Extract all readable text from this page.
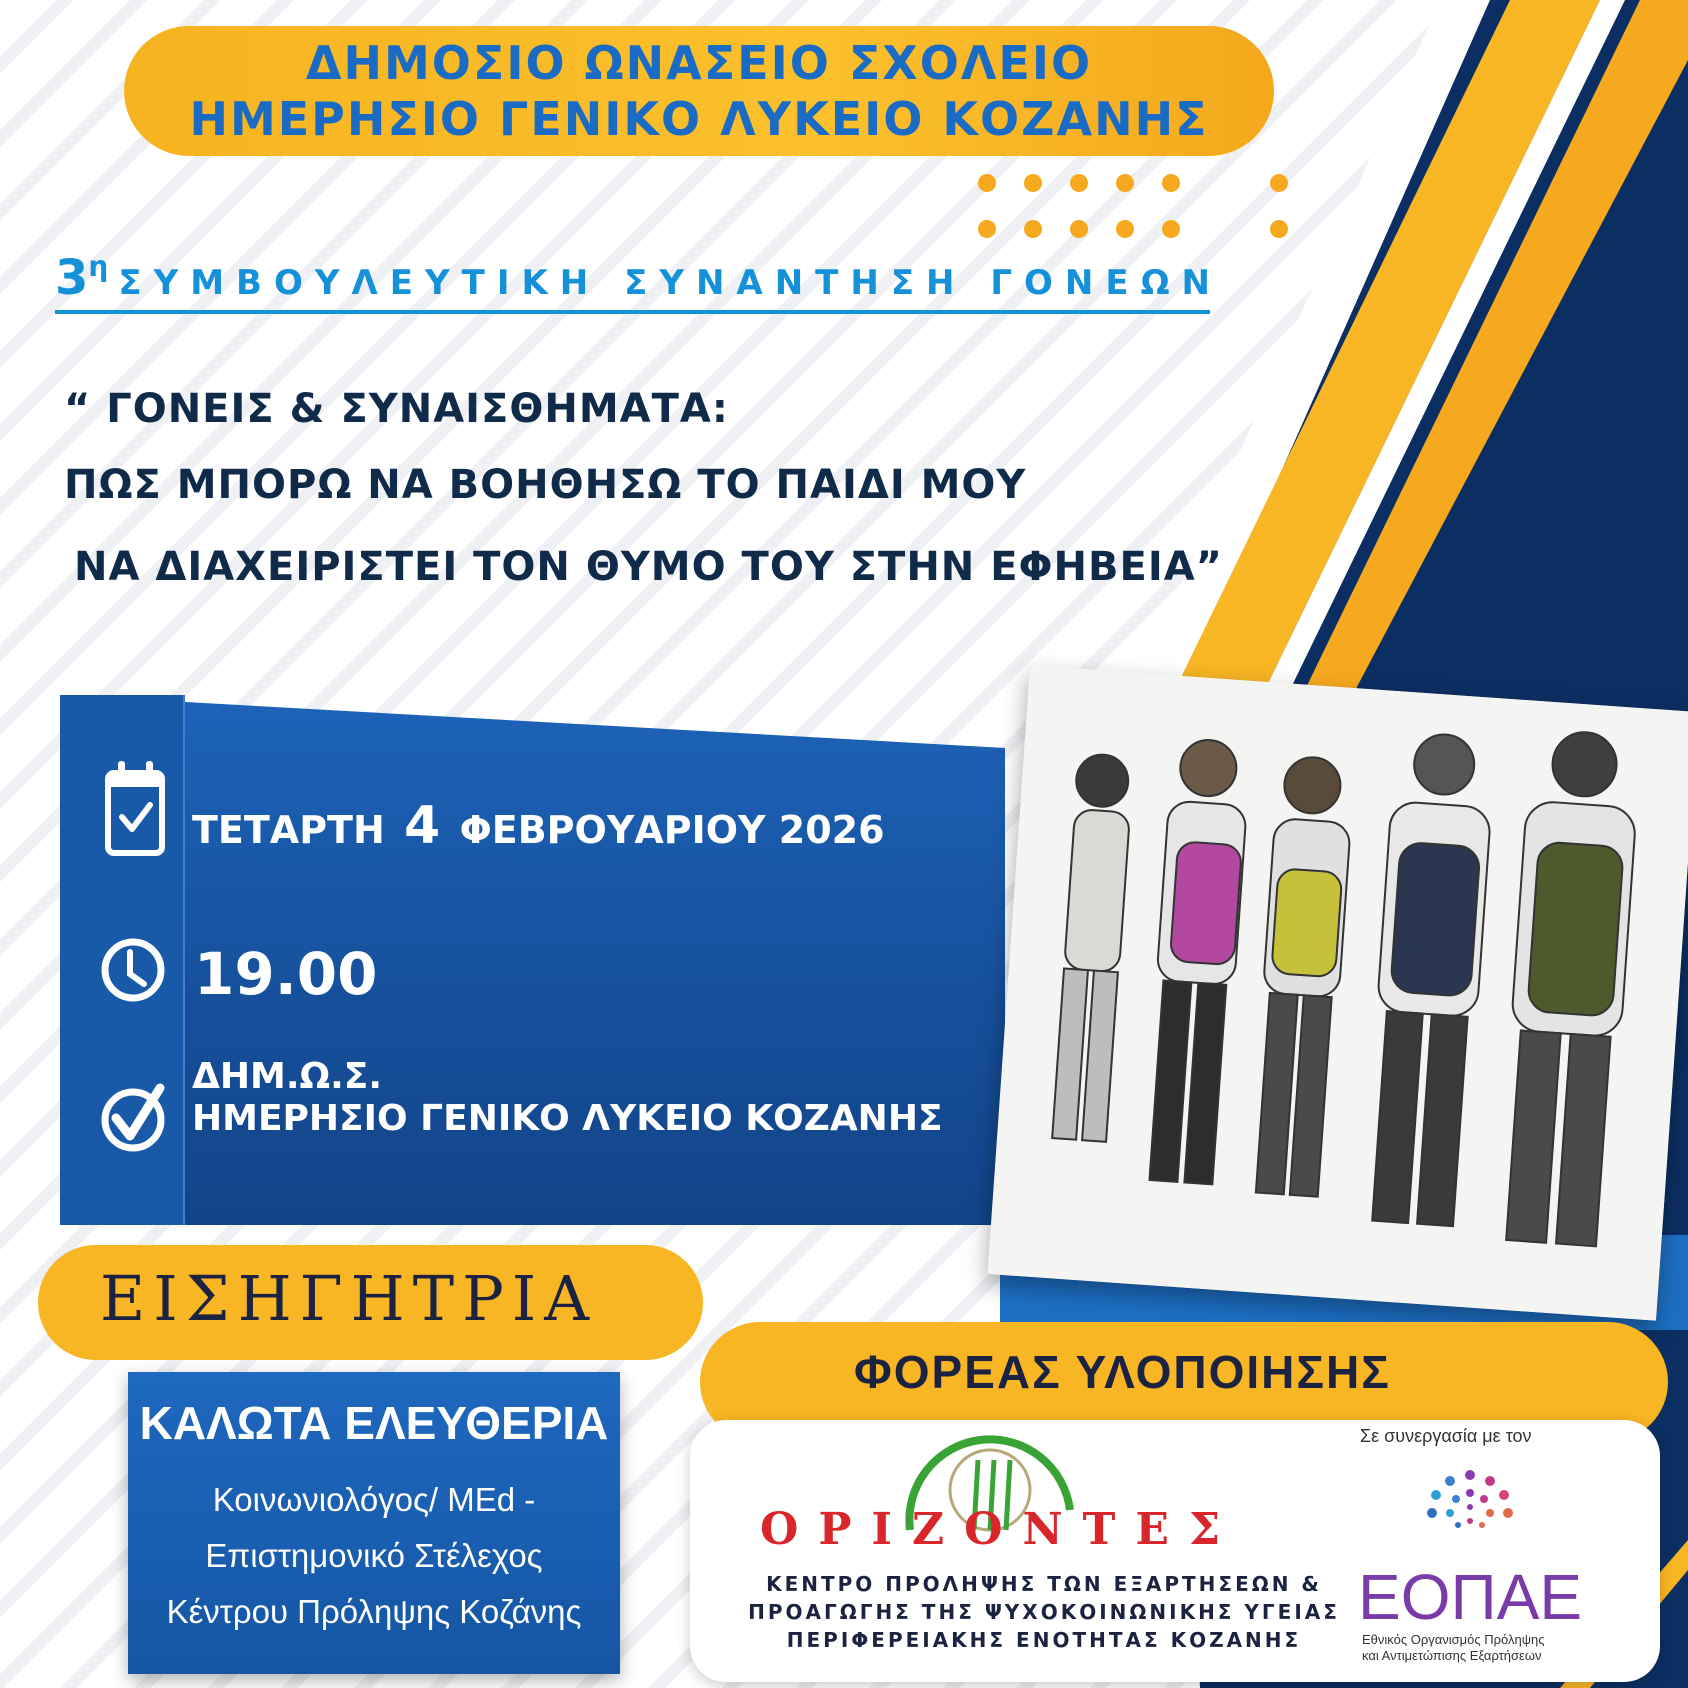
ΔΗΜΟΣΙΟ ΩΝΑΣΕΙΟ ΣΧΟΛΕΙΟ
ΗΜΕΡΗΣΙΟ ΓΕΝΙΚΟ ΛΥΚΕΙΟ ΚΟΖΑΝΗΣ
3η ΣΥΜΒΟΥΛΕΥΤΙΚΗ ΣΥΝΑΝΤΗΣΗ ΓΟΝΕΩΝ
“ ΓΟΝΕΙΣ & ΣΥΝΑΙΣΘΗΜΑΤΑ:
ΠΩΣ ΜΠΟΡΩ ΝΑ ΒΟΗΘΗΣΩ ΤΟ ΠΑΙΔΙ ΜΟΥ
ΝΑ ΔΙΑΧΕΙΡΙΣΤΕΙ ΤΟΝ ΘΥΜΟ ΤΟΥ ΣΤΗΝ ΕΦΗΒΕΙΑ”
ΤΕΤΑΡΤΗ 4 ΦΕΒΡΟΥΑΡΙΟΥ 2026
19.00
ΔΗΜ.Ω.Σ.
ΗΜΕΡΗΣΙΟ ΓΕΝΙΚΟ ΛΥΚΕΙΟ ΚΟΖΑΝΗΣ
ΕΙΣΗΓΗΤΡΙΑ
ΚΑΛΩΤΑ ΕΛΕΥΘΕΡΙΑ
Κοινωνιολόγος/ MEd -
Επιστημονικό Στέλεχος
Κέντρου Πρόληψης Κοζάνης
ΦΟΡΕΑΣ ΥΛΟΠΟΙΗΣΗΣ
ΟΡΙΖΟΝΤΕΣ
ΚΕΝΤΡΟ ΠΡΟΛΗΨΗΣ ΤΩΝ ΕΞΑΡΤΗΣΕΩΝ &
ΠΡΟΑΓΩΓΗΣ ΤΗΣ ΨΥΧΟΚΟΙΝΩΝΙΚΗΣ ΥΓΕΙΑΣ
ΠΕΡΙΦΕΡΕΙΑΚΗΣ ΕΝΟΤΗΤΑΣ ΚΟΖΑΝΗΣ
Σε συνεργασία με τον
ΕΟΠΑΕ
Εθνικός Οργανισμός Πρόληψης
και Αντιμετώπισης Εξαρτήσεων
